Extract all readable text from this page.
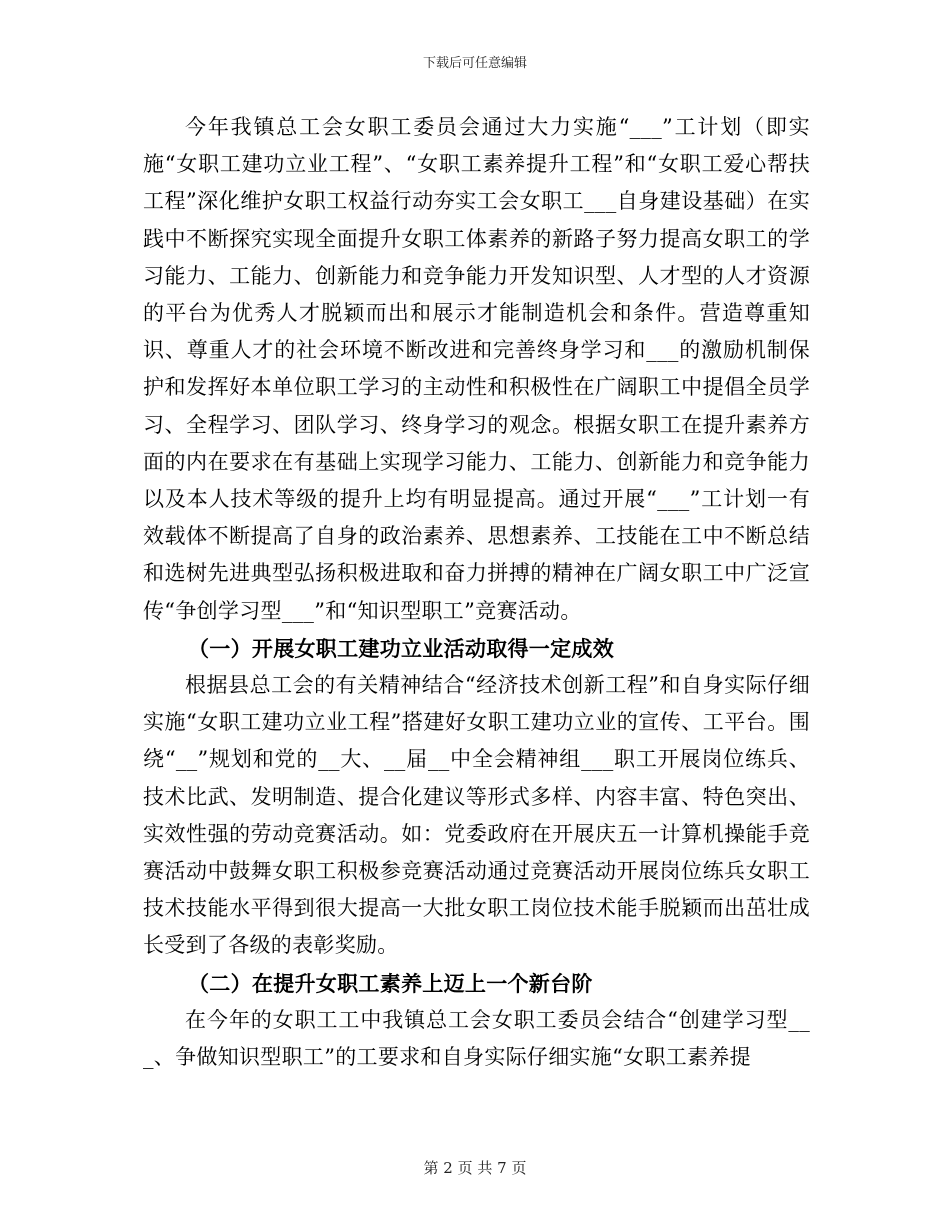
下载后可任意编辑

今年我镇总工会女职工委员会通过大力实施“___”工计划（即实施“女职工建功立业工程”、“女职工素养提升工程”和“女职工爱心帮扶工程”深化维护女职工权益行动夯实工会女职工___自身建设基础）在实践中不断探究实现全面提升女职工体素养的新路子努力提高女职工的学习能力、工能力、创新能力和竞争能力开发知识型、人才型的人才资源的平台为优秀人才脱颖而出和展示才能制造机会和条件。营造尊重知识、尊重人才的社会环境不断改进和完善终身学习和___的激励机制保护和发挥好本单位职工学习的主动性和积极性在广阔职工中提倡全员学习、全程学习、团队学习、终身学习的观念。根据女职工在提升素养方面的内在要求在有基础上实现学习能力、工能力、创新能力和竞争能力以及本人技术等级的提升上均有明显提高。通过开展“___”工计划一有效载体不断提高了自身的政治素养、思想素养、工技能在工中不断总结和选树先进典型弘扬积极进取和奋力拼搏的精神在广阔女职工中广泛宣传“争创学习型___”和“知识型职工”竞赛活动。

（一）开展女职工建功立业活动取得一定成效

根据县总工会的有关精神结合“经济技术创新工程”和自身实际仔细实施“女职工建功立业工程”搭建好女职工建功立业的宣传、工平台。围绕“__”规划和党的__大、__届__中全会精神组___职工开展岗位练兵、技术比武、发明制造、提合化建议等形式多样、内容丰富、特色突出、实效性强的劳动竞赛活动。如：党委政府在开展庆五一计算机操能手竞赛活动中鼓舞女职工积极参竞赛活动通过竞赛活动开展岗位练兵女职工技术技能水平得到很大提高一大批女职工岗位技术能手脱颖而出茁壮成长受到了各级的表彰奖励。

（二）在提升女职工素养上迈上一个新台阶

在今年的女职工工中我镇总工会女职工委员会结合“创建学习型___、争做知识型职工”的工要求和自身实际仔细实施“女职工素养提

第 2 页 共 7 页
